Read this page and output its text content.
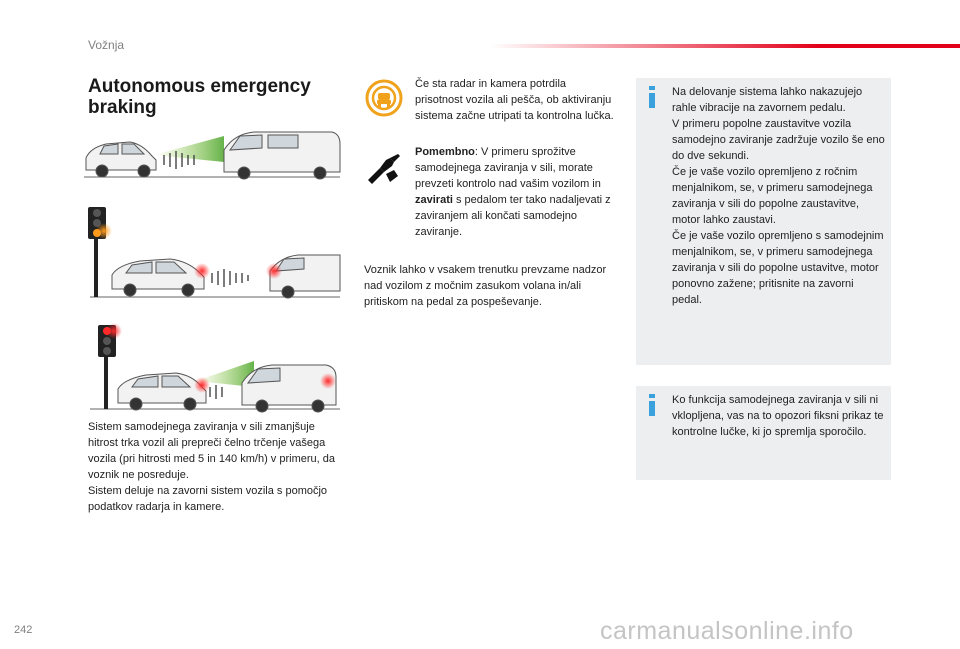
Vožnja
Autonomous emergency braking

Sistem samodejnega zaviranja v sili zmanjšuje hitrost trka vozil ali prepreči čelno trčenje vašega vozila (pri hitrosti med 5 in 140 km/h) v primeru, da voznik ne posreduje.

Sistem deluje na zavorni sistem vozila s pomočjo podatkov radarja in kamere.

Če sta radar in kamera potrdila prisotnost vozila ali pešča, ob aktiviranju sistema začne utripati ta kontrolna lučka.

Pomembno: V primeru sprožitve samodejnega zaviranja v sili, morate prevzeti kontrolo nad vašim vozilom in zavirati s pedalom ter tako nadaljevati z zaviranjem ali končati samodejno zaviranje.

Voznik lahko v vsakem trenutku prevzame nadzor nad vozilom z močnim zasukom volana in/ali pritiskom na pedal za pospeševanje.

Na delovanje sistema lahko nakazujejo rahle vibracije na zavornem pedalu.

V primeru popolne zaustavitve vozila samodejno zaviranje zadržuje vozilo še eno do dve sekundi.

Če je vaše vozilo opremljeno z ročnim menjalnikom, se, v primeru samodejnega zaviranja v sili do popolne zaustavitve, motor lahko zaustavi.

Če je vaše vozilo opremljeno s samodejnim menjalnikom, se, v primeru samodejnega zaviranja v sili do popolne ustavitve, motor ponovno zažene; pritisnite na zavorni pedal.

Ko funkcija samodejnega zaviranja v sili ni vklopljena, vas na to opozori fiksni prikaz te kontrolne lučke, ki jo spremlja sporočilo.
242	carmanualsonline.info
